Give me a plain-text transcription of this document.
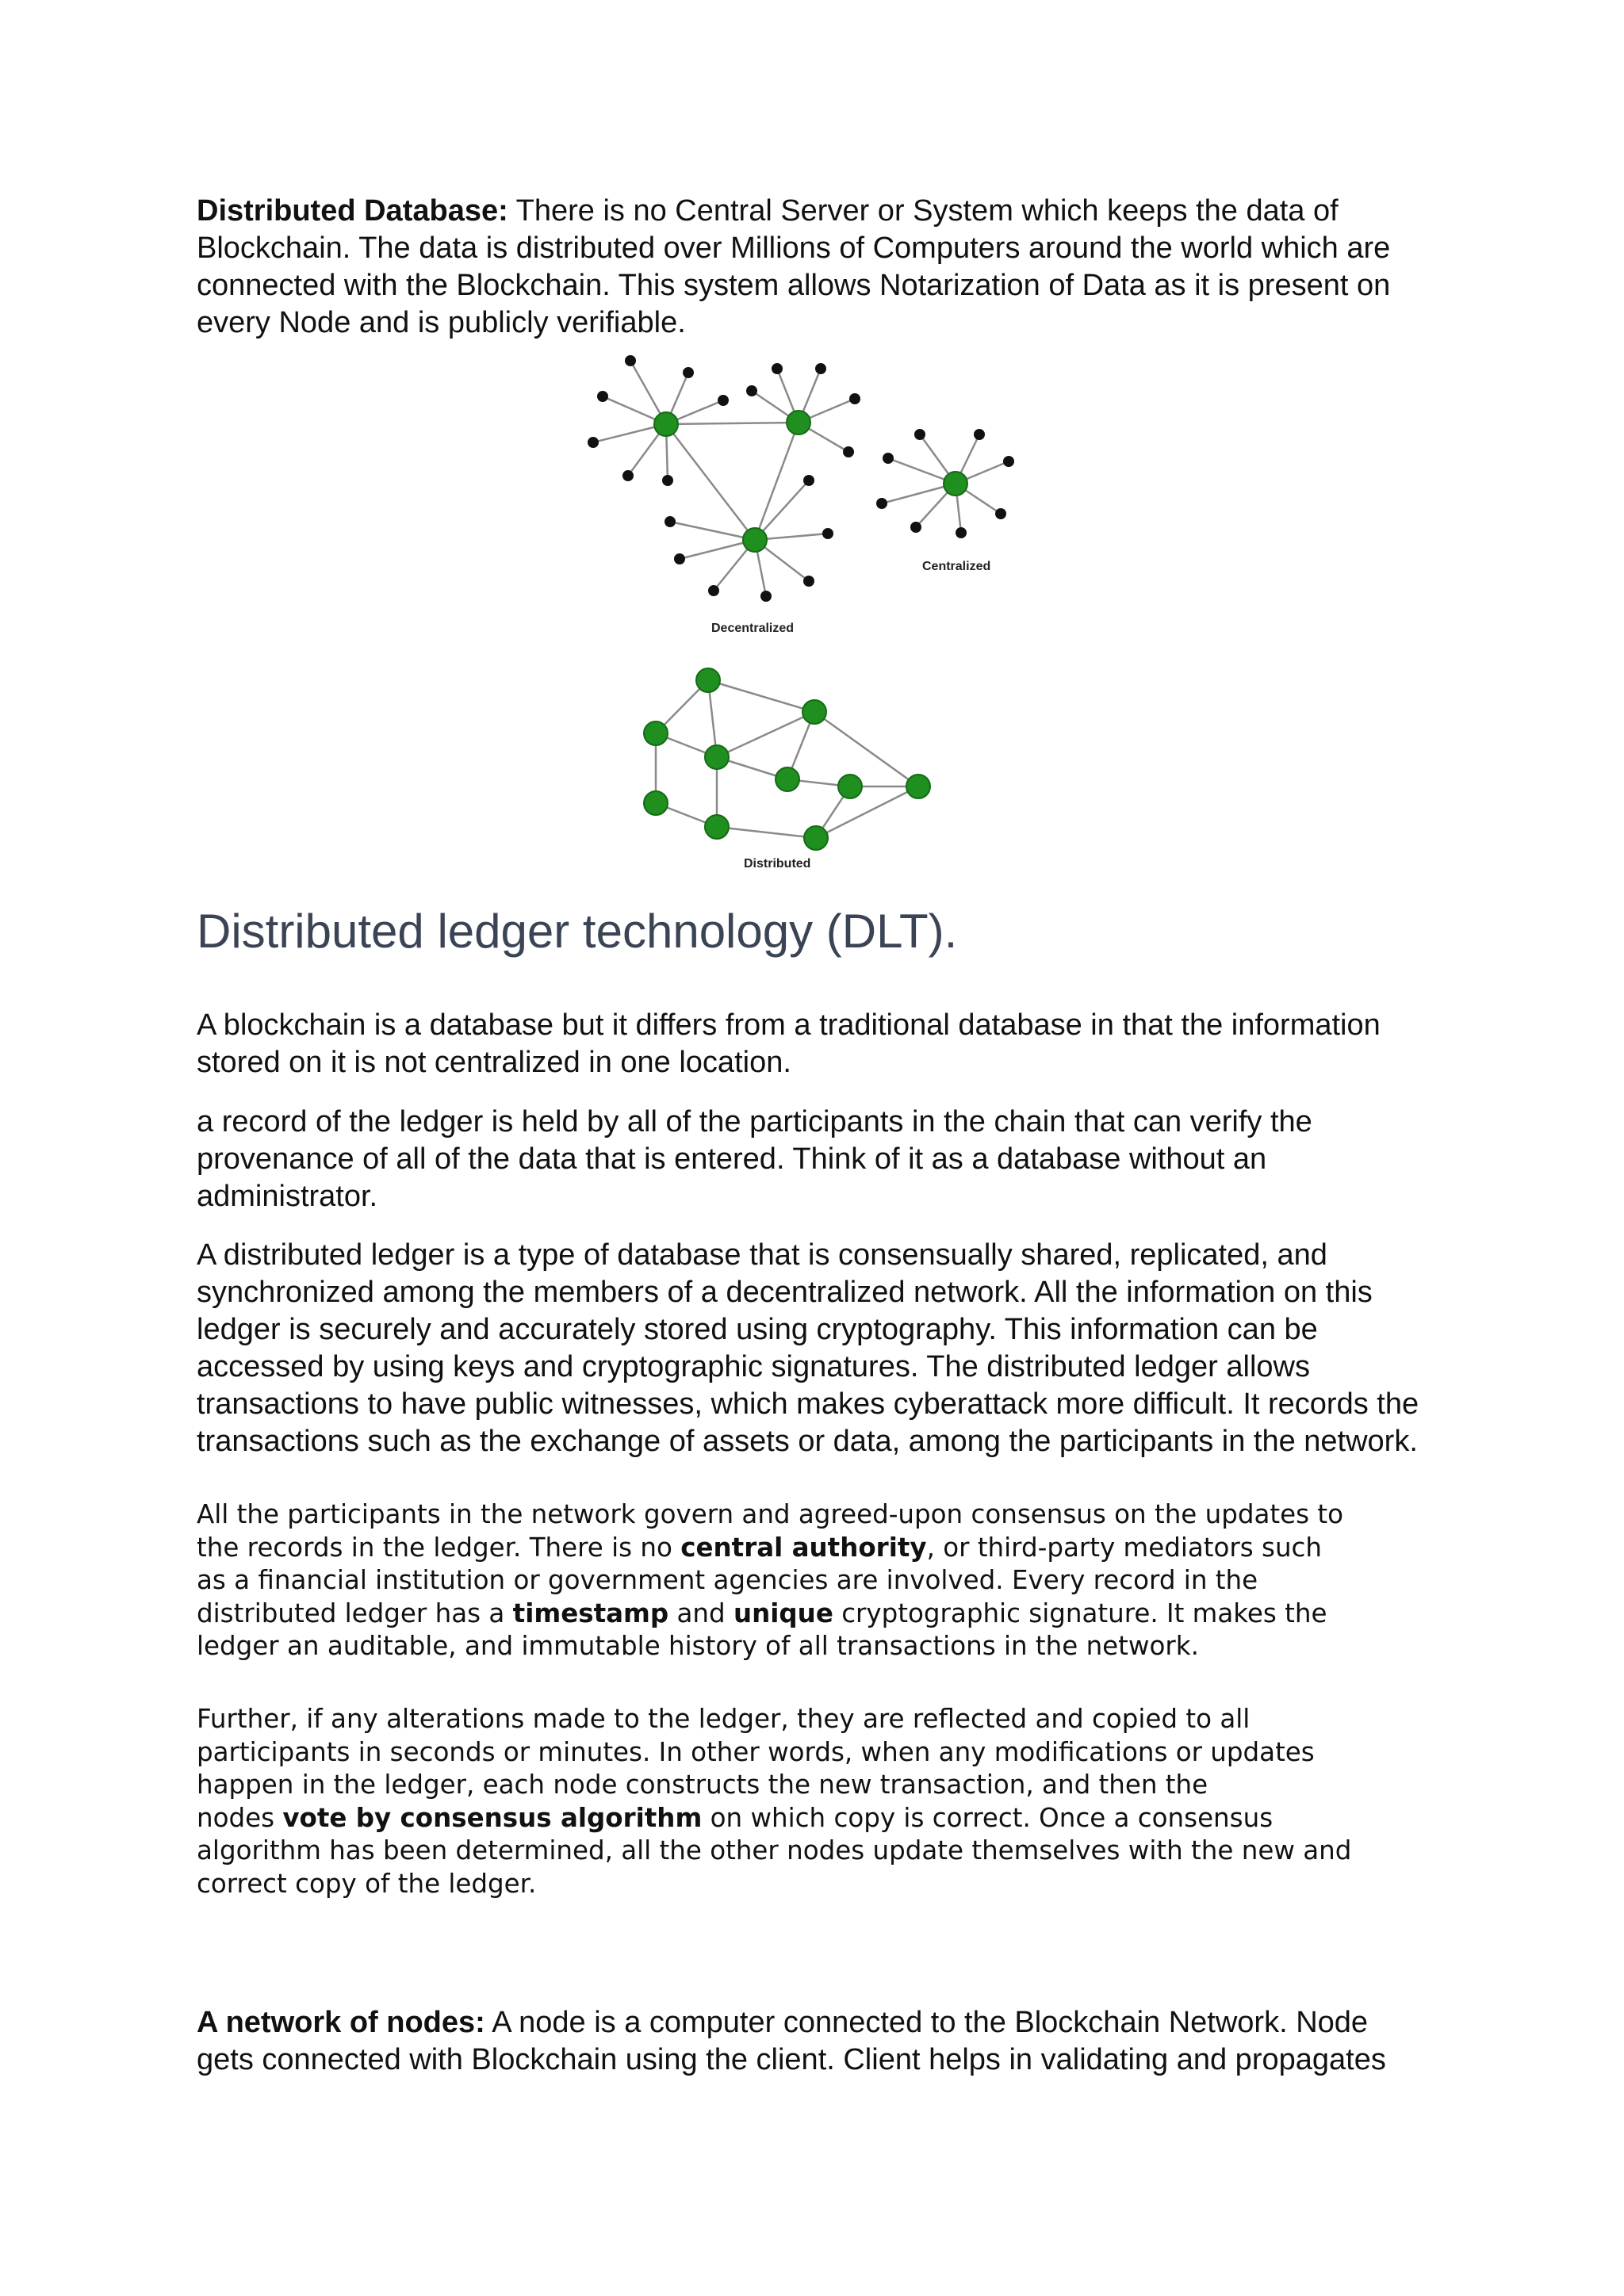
Distributed Database: There is no Central Server or System which keeps the data of
Blockchain. The data is distributed over Millions of Computers around the world which are
connected with the Blockchain. This system allows Notarization of Data as it is present on
every Node and is publicly verifiable.

Decentralized
Centralized
Distributed
Distributed ledger technology (DLT).

A blockchain is a database but it differs from a traditional database in that the information
stored on it is not centralized in one location.

a record of the ledger is held by all of the participants in the chain that can verify the
provenance of all of the data that is entered. Think of it as a database without an
administrator.

A distributed ledger is a type of database that is consensually shared, replicated, and
synchronized among the members of a decentralized network. All the information on this
ledger is securely and accurately stored using cryptography. This information can be
accessed by using keys and cryptographic signatures. The distributed ledger allows
transactions to have public witnesses, which makes cyberattack more difficult. It records the
transactions such as the exchange of assets or data, among the participants in the network.

All the participants in the network govern and agreed-upon consensus on the updates to
the records in the ledger. There is no central authority, or third-party mediators such
as a financial institution or government agencies are involved. Every record in the
distributed ledger has a timestamp and unique cryptographic signature. It makes the
ledger an auditable, and immutable history of all transactions in the network.

Further, if any alterations made to the ledger, they are reflected and copied to all
participants in seconds or minutes. In other words, when any modifications or updates
happen in the ledger, each node constructs the new transaction, and then the
nodes vote by consensus algorithm on which copy is correct. Once a consensus
algorithm has been determined, all the other nodes update themselves with the new and
correct copy of the ledger.

A network of nodes: A node is a computer connected to the Blockchain Network. Node
gets connected with Blockchain using the client. Client helps in validating and propagates
